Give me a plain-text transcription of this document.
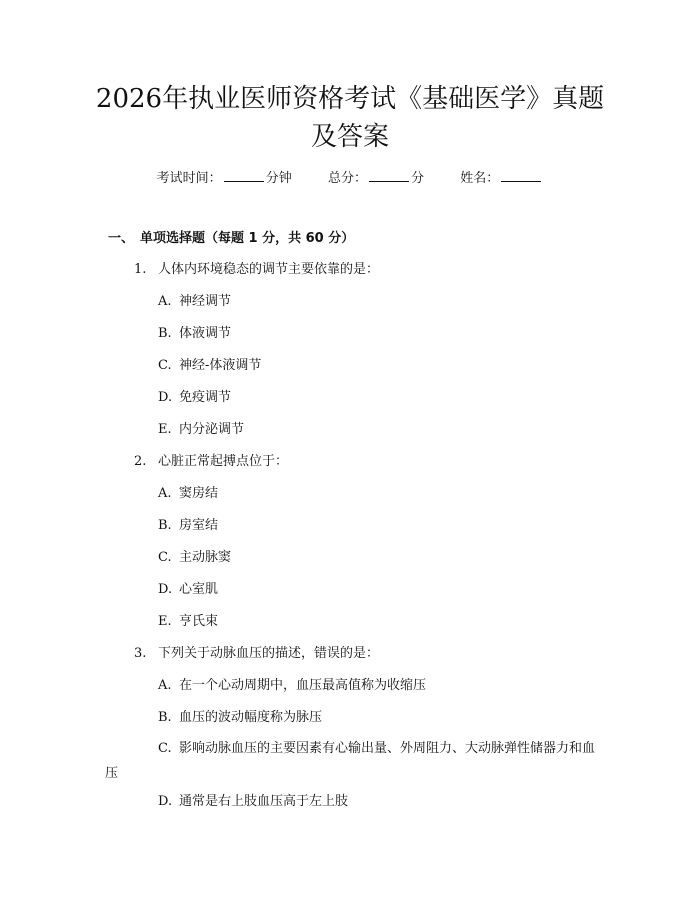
2026年执业医师资格考试《基础医学》真题
及答案
考试时间：	分钟	总分：	分	姓名：
一、 单项选择题（每题 1 分，共 60 分）
1. 人体内环境稳态的调节主要依靠的是：
A. 神经调节
B. 体液调节
C. 神经-体液调节
D. 免疫调节
E. 内分泌调节
2. 心脏正常起搏点位于：
A. 窦房结
B. 房室结
C. 主动脉窦
D. 心室肌
E. 亨氏束
3. 下列关于动脉血压的描述，错误的是：
A. 在一个心动周期中，血压最高值称为收缩压
B. 血压的波动幅度称为脉压
C. 影响动脉血压的主要因素有心输出量、外周阻力、大动脉弹性储器力和血压
D. 通常是右上肢血压高于左上肢
